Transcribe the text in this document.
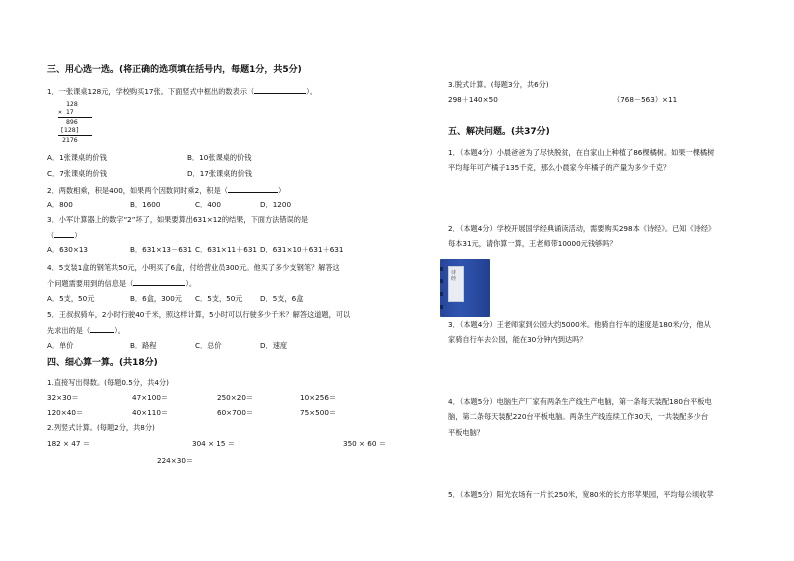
三、用心选一选。(将正确的选项填在括号内，每题1分，共5分)
1．一张课桌128元，学校购买17张。下面竖式中框出的数表示（	）。
128
× 17
896
[128]
2176
A．1张课桌的价钱	B．10张课桌的价钱
C．7张课桌的价钱	D．17张课桌的价钱
2．两数相乘，积是400，如果两个因数同时乘2，积是（	）
A．800	B．1600	C．400	D．1200
3．小军计算器上的数字“2”坏了，如果要算出631×12的结果，下面方法错误的是
（	）
A．630×13	B．631×13－631 C．631×11＋631 D．631×10＋631＋631
4．5支装1盒的钢笔共50元，小明买了6盒，付给营业员300元。他买了多少支钢笔？解答这
个问题需要用到的信息是（	）。
A．5支，50元	B．6盒，300元 C．5支，50元 D．5支，6盒
5．王叔叔骑车，2小时行驶40千米，照这样计算，5小时可以行驶多少千米？解答这道题，可以
先求出的是（	）。
A．单价	B．路程	C．总价	D．速度
四、细心算一算。(共18分)
1.直接写出得数。(每题0.5分，共4分)
32×30＝	47×100＝	250×20＝	10×256＝
120×40＝	40×110＝	60×700＝	75×500＝
2.列竖式计算。(每题2分，共8分)
182 × 47 ＝	304 × 15 ＝	350 × 60 ＝
224×30＝
3.脱式计算。(每题3分，共6分)
298＋140×50	（768－563）×11
五、解决问题。(共37分)
1．（本题4分）小晨爸爸为了尽快脱贫，在自家山上种植了86棵橘树。如果一棵橘树
平均每年可产橘子135千克，那么小晨家今年橘子的产量为多少千克？
2．（本题4分）学校开展国学经典诵读活动，需要购买298本《诗经》。已知《诗经》
每本31元，请你算一算，王老师带10000元钱够吗？
诗经
3．（本题4分）王老师家到公园大约5000米。他骑自行车的速度是180米/分，他从
家骑自行车去公园，能在30分钟内到达吗？
4．（本题5分）电脑生产厂家有两条生产线生产电脑，第一条每天装配180台平板电
脑，第二条每天装配220台平板电脑。两条生产线连续工作30天，一共装配多少台
平板电脑？
5．（本题5分）阳光农场有一片长250米，宽80米的长方形苹果园，平均每公顷收苹
